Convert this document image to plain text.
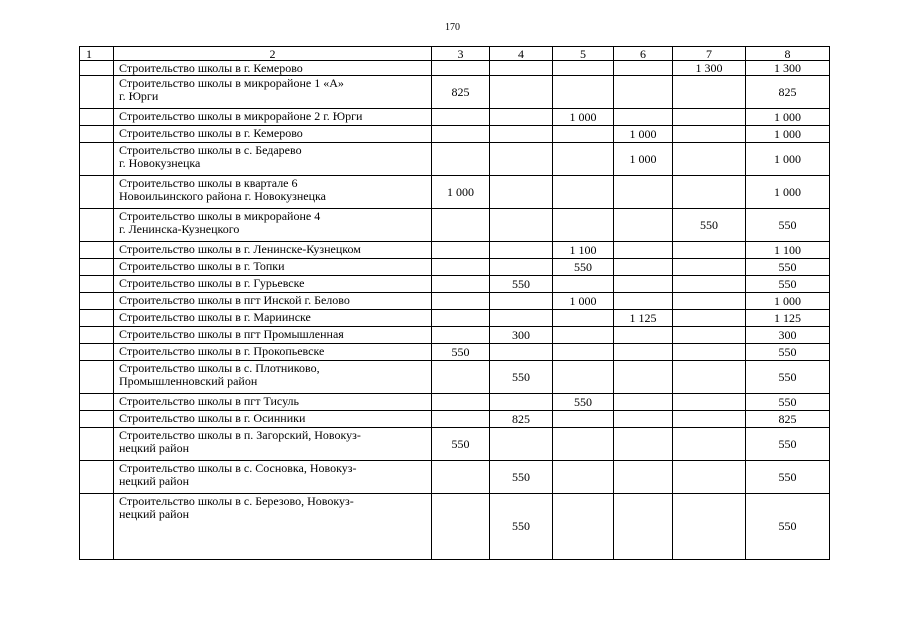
170
1	2	3	4	5	6	7	8
	Строительство школы в г. Кемерово					1 300	1 300
	Строительство школы в микрорайоне 1 «А»
г. Юрги	825					825
	Строительство школы в микрорайоне 2 г. Юрги			1 000			1 000
	Строительство школы в г. Кемерово				1 000		1 000
	Строительство школы в с. Бедарево
г. Новокузнецка				1 000		1 000
	Строительство школы в квартале 6
Новоильинского района г. Новокузнецка	1 000					1 000
	Строительство школы в микрорайоне 4
г. Ленинска-Кузнецкого					550	550
	Строительство школы в г. Ленинске-Кузнецком			1 100			1 100
	Строительство школы в г. Топки			550			550
	Строительство школы в г. Гурьевске		550				550
	Строительство школы в пгт Инской г. Белово			1 000			1 000
	Строительство школы в г. Мариинске				1 125		1 125
	Строительство школы в пгт Промышленная		300				300
	Строительство школы в г. Прокопьевске	550					550
	Строительство школы в с. Плотниково,
Промышленновский район		550				550
	Строительство школы в пгт Тисуль			550			550
	Строительство школы в г. Осинники		825				825
	Строительство школы в п. Загорский, Новокуз-
нецкий район	550					550
	Строительство школы в с. Сосновка, Новокуз-
нецкий район		550				550
	Строительство школы в с. Березово, Новокуз-
нецкий район		550				550
